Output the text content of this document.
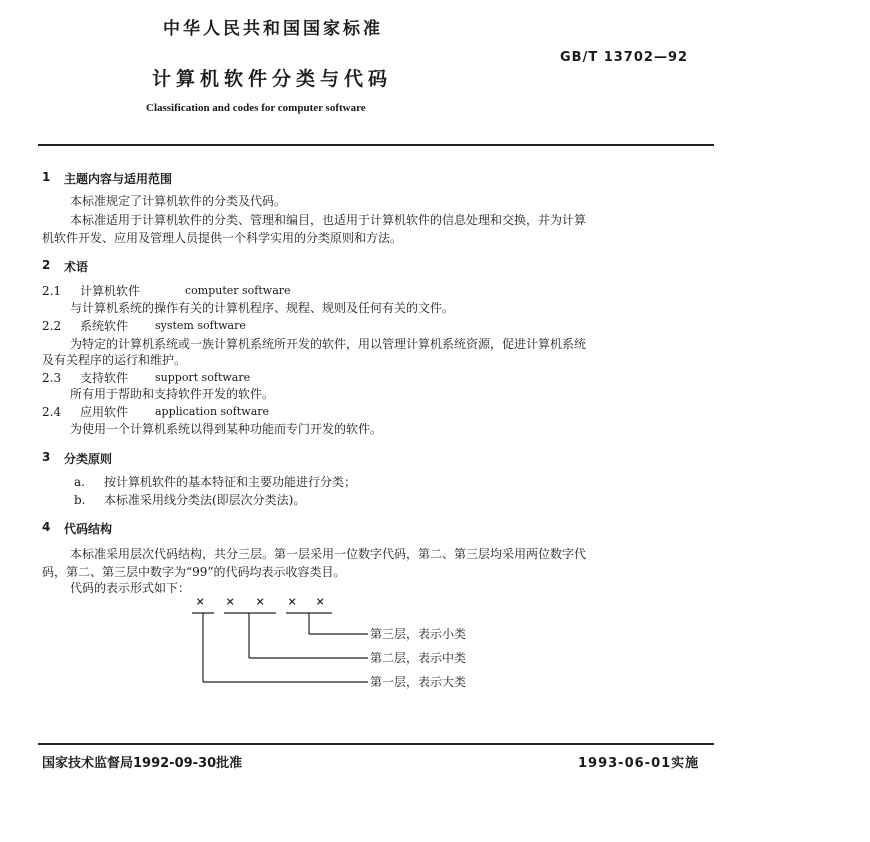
中华人民共和国国家标准
GB/T 13702—92
计算机软件分类与代码
Classification and codes for computer software
1 主题内容与适用范围
本标准规定了计算机软件的分类及代码。
本标准适用于计算机软件的分类、管理和编目，也适用于计算机软件的信息处理和交换，并为计算
机软件开发、应用及管理人员提供一个科学实用的分类原则和方法。
2 术语
2.1 计算机软件	computer software
与计算机系统的操作有关的计算机程序、规程、规则及任何有关的文件。
2.2 系统软件 system software
为特定的计算机系统或一族计算机系统所开发的软件，用以管理计算机系统资源，促进计算机系统
及有关程序的运行和维护。
2.3 支持软件 support software
所有用于帮助和支持软件开发的软件。
2.4 应用软件 application software
为使用一个计算机系统以得到某种功能而专门开发的软件。
3 分类原则
a. 按计算机软件的基本特征和主要功能进行分类；
b. 本标准采用线分类法(即层次分类法)。
4 代码结构
本标准采用层次代码结构，共分三层。第一层采用一位数字代码，第二、第三层均采用两位数字代
码，第二、第三层中数字为“99”的代码均表示收容类目。
代码的表示形式如下：
× × × × ×
第三层，表示小类
第二层，表示中类
第一层，表示大类
国家技术监督局1992-09-30批准	1993-06-01实施
